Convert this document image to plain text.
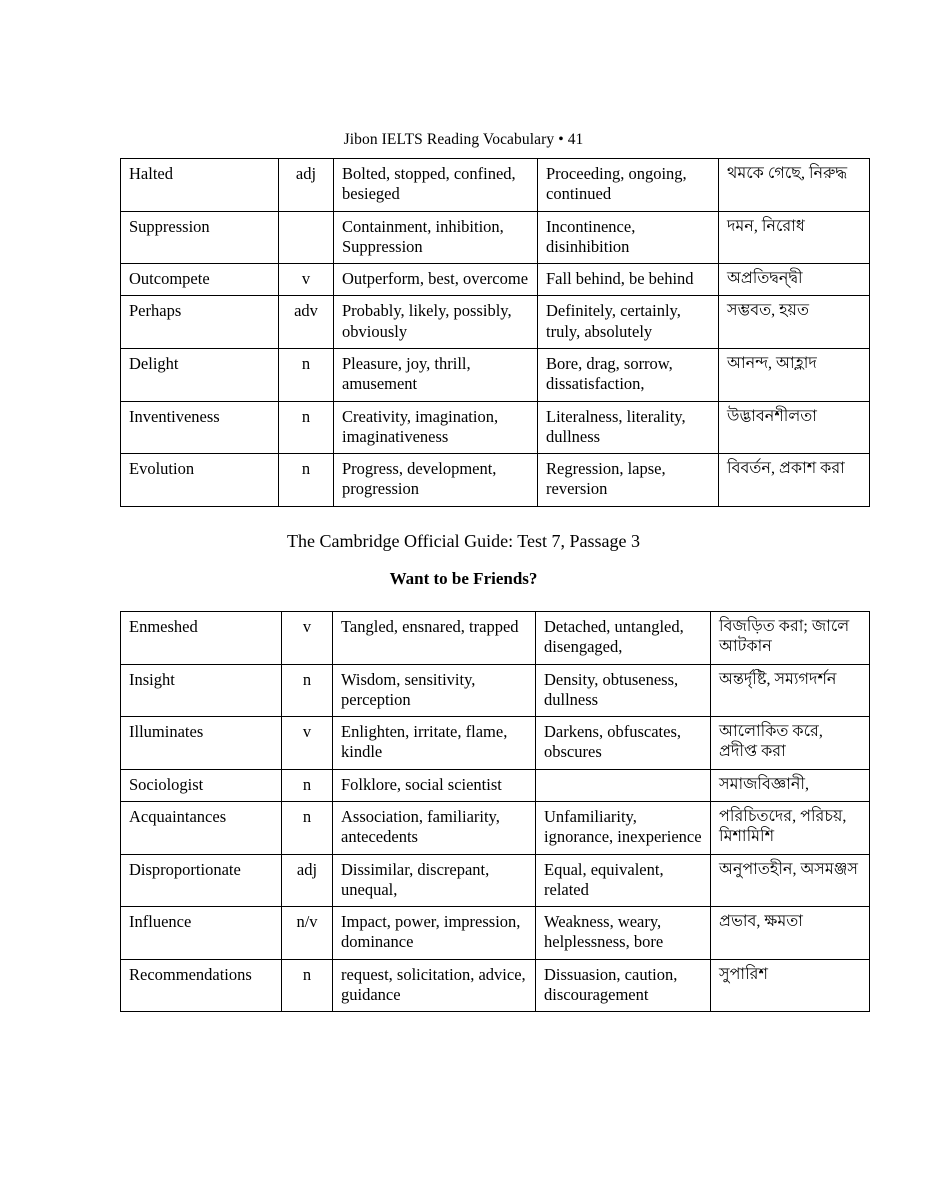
Jibon IELTS Reading Vocabulary • 41
Halted	adj	Bolted, stopped, confined, besieged	Proceeding, ongoing, continued	থমকে গেছে, নিরুদ্ধ
Suppression		Containment, inhibition, Suppression	Incontinence, disinhibition	দমন, নিরোধ
Outcompete	v	Outperform, best, overcome	Fall behind, be behind	অপ্রতিদ্বন্দ্বী
Perhaps	adv	Probably, likely, possibly, obviously	Definitely, certainly, truly, absolutely	সম্ভবত, হয়ত
Delight	n	Pleasure, joy, thrill, amusement	Bore, drag, sorrow, dissatisfaction,	আনন্দ, আহ্লাদ
Inventiveness	n	Creativity, imagination, imaginativeness	Literalness, literality, dullness	উদ্ভাবনশীলতা
Evolution	n	Progress, development, progression	Regression, lapse, reversion	বিবর্তন, প্রকাশ করা
The Cambridge Official Guide: Test 7, Passage 3
Want to be Friends?
Enmeshed	v	Tangled, ensnared, trapped	Detached, untangled, disengaged,	বিজড়িত করা; জালে আটকান
Insight	n	Wisdom, sensitivity, perception	Density, obtuseness, dullness	অন্তর্দৃষ্টি, সম্যগদর্শন
Illuminates	v	Enlighten, irritate, flame, kindle	Darkens, obfuscates, obscures	আলোকিত করে, প্রদীপ্ত করা
Sociologist	n	Folklore, social scientist		সমাজবিজ্ঞানী,
Acquaintances	n	Association, familiarity, antecedents	Unfamiliarity, ignorance, inexperience	পরিচিতদের, পরিচয়, মিশামিশি
Disproportionate	adj	Dissimilar, discrepant, unequal,	Equal, equivalent, related	অনুপাতহীন, অসমঞ্জস
Influence	n/v	Impact, power, impression, dominance	Weakness, weary, helplessness, bore	প্রভাব, ক্ষমতা
Recommendations	n	request, solicitation, advice, guidance	Dissuasion, caution, discouragement	সুপারিশ
